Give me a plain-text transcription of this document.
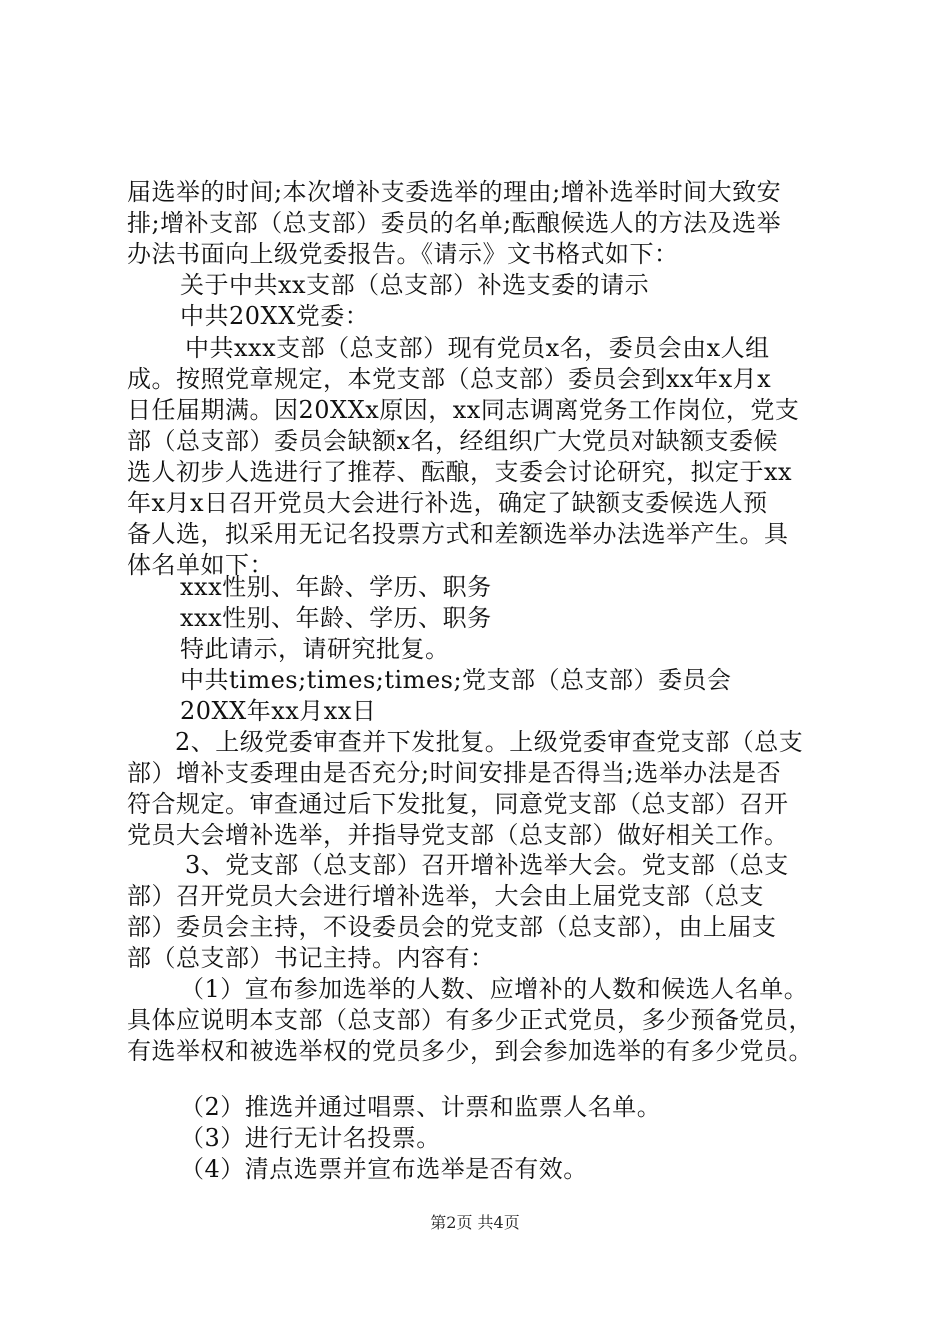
届选举的时间;本次增补支委选举的理由;增补选举时间大致安
排;增补支部（总支部）委员的名单;酝酿候选人的方法及选举
办法书面向上级党委报告。《请示》文书格式如下：
关于中共xx支部（总支部）补选支委的请示
中共20XX党委：
中共xxx支部（总支部）现有党员x名，委员会由x人组
成。按照党章规定，本党支部（总支部）委员会到xx年x月x
日任届期满。因20XXx原因，xx同志调离党务工作岗位，党支
部（总支部）委员会缺额x名，经组织广大党员对缺额支委候
选人初步人选进行了推荐、酝酿，支委会讨论研究，拟定于xx
年x月x日召开党员大会进行补选，确定了缺额支委候选人预
备人选，拟采用无记名投票方式和差额选举办法选举产生。具
体名单如下：
xxx性别、年龄、学历、职务
xxx性别、年龄、学历、职务
特此请示，请研究批复。
中共times;times;times;党支部（总支部）委员会
20XX年xx月xx日
2、上级党委审查并下发批复。上级党委审查党支部（总支
部）增补支委理由是否充分;时间安排是否得当;选举办法是否
符合规定。审查通过后下发批复，同意党支部（总支部）召开
党员大会增补选举，并指导党支部（总支部）做好相关工作。
3、党支部（总支部）召开增补选举大会。党支部（总支
部）召开党员大会进行增补选举，大会由上届党支部（总支
部）委员会主持，不设委员会的党支部（总支部），由上届支
部（总支部）书记主持。内容有：
（1）宣布参加选举的人数、应增补的人数和候选人名单。
具体应说明本支部（总支部）有多少正式党员，多少预备党员，
有选举权和被选举权的党员多少，到会参加选举的有多少党员。
（2）推选并通过唱票、计票和监票人名单。
（3）进行无计名投票。
（4）清点选票并宣布选举是否有效。
第2页 共4页
